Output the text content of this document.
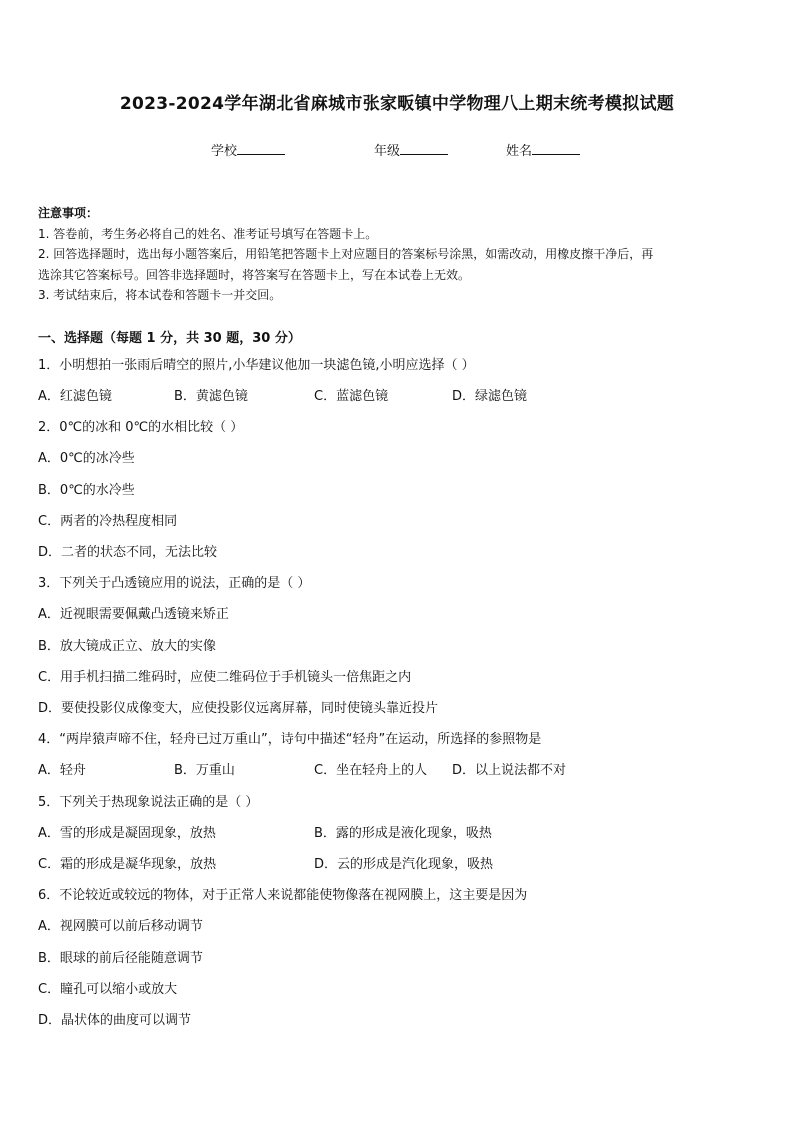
2023-2024学年湖北省麻城市张家畈镇中学物理八上期末统考模拟试题
学校	年级	姓名
注意事项：
1. 答卷前，考生务必将自己的姓名、准考证号填写在答题卡上。
2. 回答选择题时，选出每小题答案后，用铅笔把答题卡上对应题目的答案标号涂黑，如需改动，用橡皮擦干净后，再
选涂其它答案标号。回答非选择题时，将答案写在答题卡上，写在本试卷上无效。
3. 考试结束后，将本试卷和答题卡一并交回。
一、选择题（每题 1 分，共 30 题，30 分）
1．小明想拍一张雨后晴空的照片,小华建议他加一块滤色镜,小明应选择（ ）
A．红滤色镜	B．黄滤色镜	C．蓝滤色镜	D．绿滤色镜
2．0℃的冰和 0℃的水相比较（ ）
A．0℃的冰冷些
B．0℃的水冷些
C．两者的冷热程度相同
D．二者的状态不同，无法比较
3．下列关于凸透镜应用的说法，正确的是（ ）
A．近视眼需要佩戴凸透镜来矫正
B．放大镜成正立、放大的实像
C．用手机扫描二维码时，应使二维码位于手机镜头一倍焦距之内
D．要使投影仪成像变大，应使投影仪远离屏幕，同时使镜头靠近投片
4．“两岸猿声啼不住，轻舟已过万重山”，诗句中描述“轻舟”在运动，所选择的参照物是
A．轻舟	B．万重山	C．坐在轻舟上的人 D．以上说法都不对
5．下列关于热现象说法正确的是（ ）
A．雪的形成是凝固现象，放热	B．露的形成是液化现象，吸热
C．霜的形成是凝华现象，放热	D．云的形成是汽化现象，吸热
6．不论较近或较远的物体，对于正常人来说都能使物像落在视网膜上，这主要是因为
A．视网膜可以前后移动调节
B．眼球的前后径能随意调节
C．瞳孔可以缩小或放大
D．晶状体的曲度可以调节
